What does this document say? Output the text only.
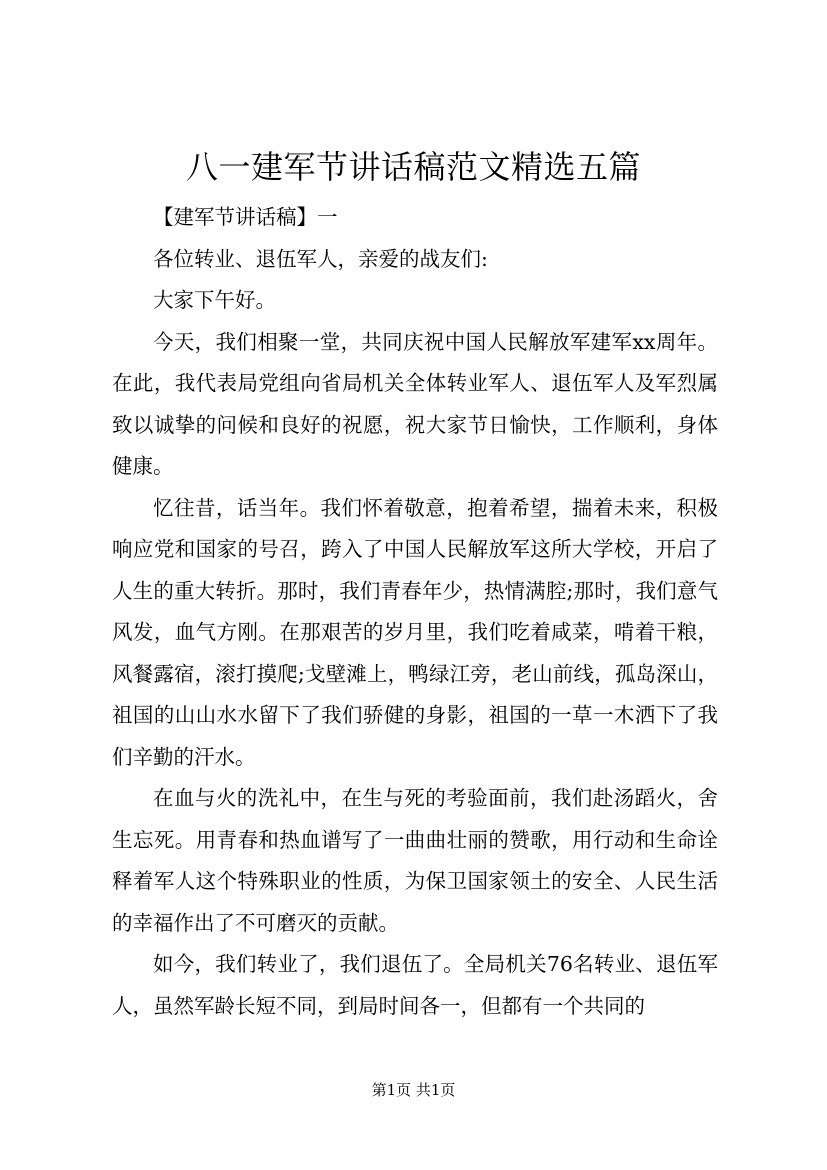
八一建军节讲话稿范文精选五篇

【建军节讲话稿】一

各位转业、退伍军人，亲爱的战友们:

大家下午好。

今天，我们相聚一堂，共同庆祝中国人民解放军建军xx周年。在此，我代表局党组向省局机关全体转业军人、退伍军人及军烈属致以诚挚的问候和良好的祝愿，祝大家节日愉快，工作顺利，身体健康。

忆往昔，话当年。我们怀着敬意，抱着希望，揣着未来，积极响应党和国家的号召，跨入了中国人民解放军这所大学校，开启了人生的重大转折。那时，我们青春年少，热情满腔;那时，我们意气风发，血气方刚。在那艰苦的岁月里，我们吃着咸菜，啃着干粮，风餐露宿，滚打摸爬;戈壁滩上，鸭绿江旁，老山前线，孤岛深山，祖国的山山水水留下了我们骄健的身影，祖国的一草一木洒下了我们辛勤的汗水。

在血与火的洗礼中，在生与死的考验面前，我们赴汤蹈火，舍生忘死。用青春和热血谱写了一曲曲壮丽的赞歌，用行动和生命诠释着军人这个特殊职业的性质，为保卫国家领土的安全、人民生活的幸福作出了不可磨灭的贡献。

如今，我们转业了，我们退伍了。全局机关76名转业、退伍军人，虽然军龄长短不同，到局时间各一，但都有一个共同的

第1页 共1页
